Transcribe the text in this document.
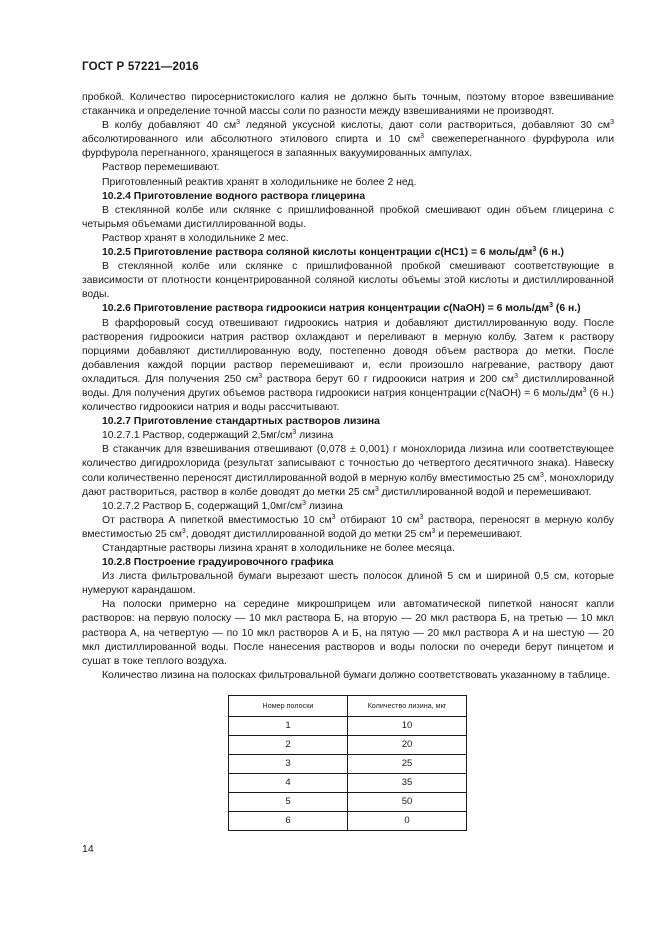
ГОСТ Р 57221—2016

пробкой. Количество пиросернистокислого калия не должно быть точным, поэтому второе взвешивание стаканчика и определение точной массы соли по разности между взвешиваниями не производят.

В колбу добавляют 40 $см^3$ ледяной уксусной кислоты, дают соли раствориться, добавляют 30 $см^3$ абсолютированного или абсолютного этилового спирта и 10 $см^3$ свежеперегнанного фурфурола или фурфурола перегнанного, хранящегося в запаянных вакуумированных ампулах.

Раствор перемешивают.

Приготовленный реактив хранят в холодильнике не более 2 нед.

10.2.4 Приготовление водного раствора глицерина

В стеклянной колбе или склянке с пришлифованной пробкой смешивают один объем глицерина с четырьмя объемами дистиллированной воды.

Раствор хранят в холодильнике 2 мес.

10.2.5 Приготовление раствора соляной кислоты концентрации c(HC1) = 6 моль/$дм^3$ (6 н.)

В стеклянной колбе или склянке с пришлифованной пробкой смешивают соответствующие в зависимости от плотности концентрированной соляной кислоты объемы этой кислоты и дистиллированной воды.

10.2.6 Приготовление раствора гидроокиси натрия концентрации c(NaOH) = 6 моль/$дм^3$ (6 н.)

В фарфоровый сосуд отвешивают гидроокись натрия и добавляют дистиллированную воду. После растворения гидроокиси натрия раствор охлаждают и переливают в мерную колбу. Затем к раствору порциями добавляют дистиллированную воду, постепенно доводя объем раствора до метки. После добавления каждой порции раствор перемешивают и, если произошло нагревание, раствору дают охладиться. Для получения 250 $см^3$ раствора берут 60 г гидроокиси натрия и 200 $см^3$ дистиллированной воды. Для получения других объемов раствора гидроокиси натрия концентрации c(NaOH) = 6 моль/$дм^3$ (6 н.) количество гидроокиси натрия и воды рассчитывают.

10.2.7 Приготовление стандартных растворов лизина

10.2.7.1 Раствор, содержащий $2,5мг/см^3$ лизина

В стаканчик для взвешивания отвешивают (0,078 ± 0,001) г монохлорида лизина или соответствующее количество дигидрохлорида (результат записывают с точностью до четвертого десятичного знака). Навеску соли количественно переносят дистиллированной водой в мерную колбу вместимостью 25 $см^3$, монохлориду дают раствориться, раствор в колбе доводят до метки 25 $см^3$ дистиллированной водой и перемешивают.

10.2.7.2 Раствор Б, содержащий $1,0мг/см^3$ лизина

От раствора А пипеткой вместимостью 10 $см^3$ отбирают 10 $см^3$ раствора, переносят в мерную колбу вместимостью 25 $см^3$, доводят дистиллированной водой до метки 25 $см^3$ и перемешивают.

Стандартные растворы лизина хранят в холодильнике не более месяца.

10.2.8 Построение градуировочного графика

Из листа фильтровальной бумаги вырезают шесть полосок длиной 5 см и шириной 0,5 см, которые нумеруют карандашом.

На полоски примерно на середине микрошприцем или автоматической пипеткой наносят капли растворов: на первую полоску — 10 мкл раствора Б, на вторую — 20 мкл раствора Б, на третью — 10 мкл раствора А, на четвертую — по 10 мкл растворов А и Б, на пятую — 20 мкл раствора А и на шестую — 20 мкл дистиллированной воды. После нанесения растворов и воды полоски по очереди берут пинцетом и сушат в токе теплого воздуха.

Количество лизина на полосках фильтровальной бумаги должно соответствовать указанному в таблице.

Номер полоски	Количество лизина, мкг
1	10
2	20
3	25
4	35
5	50
6	0
14
